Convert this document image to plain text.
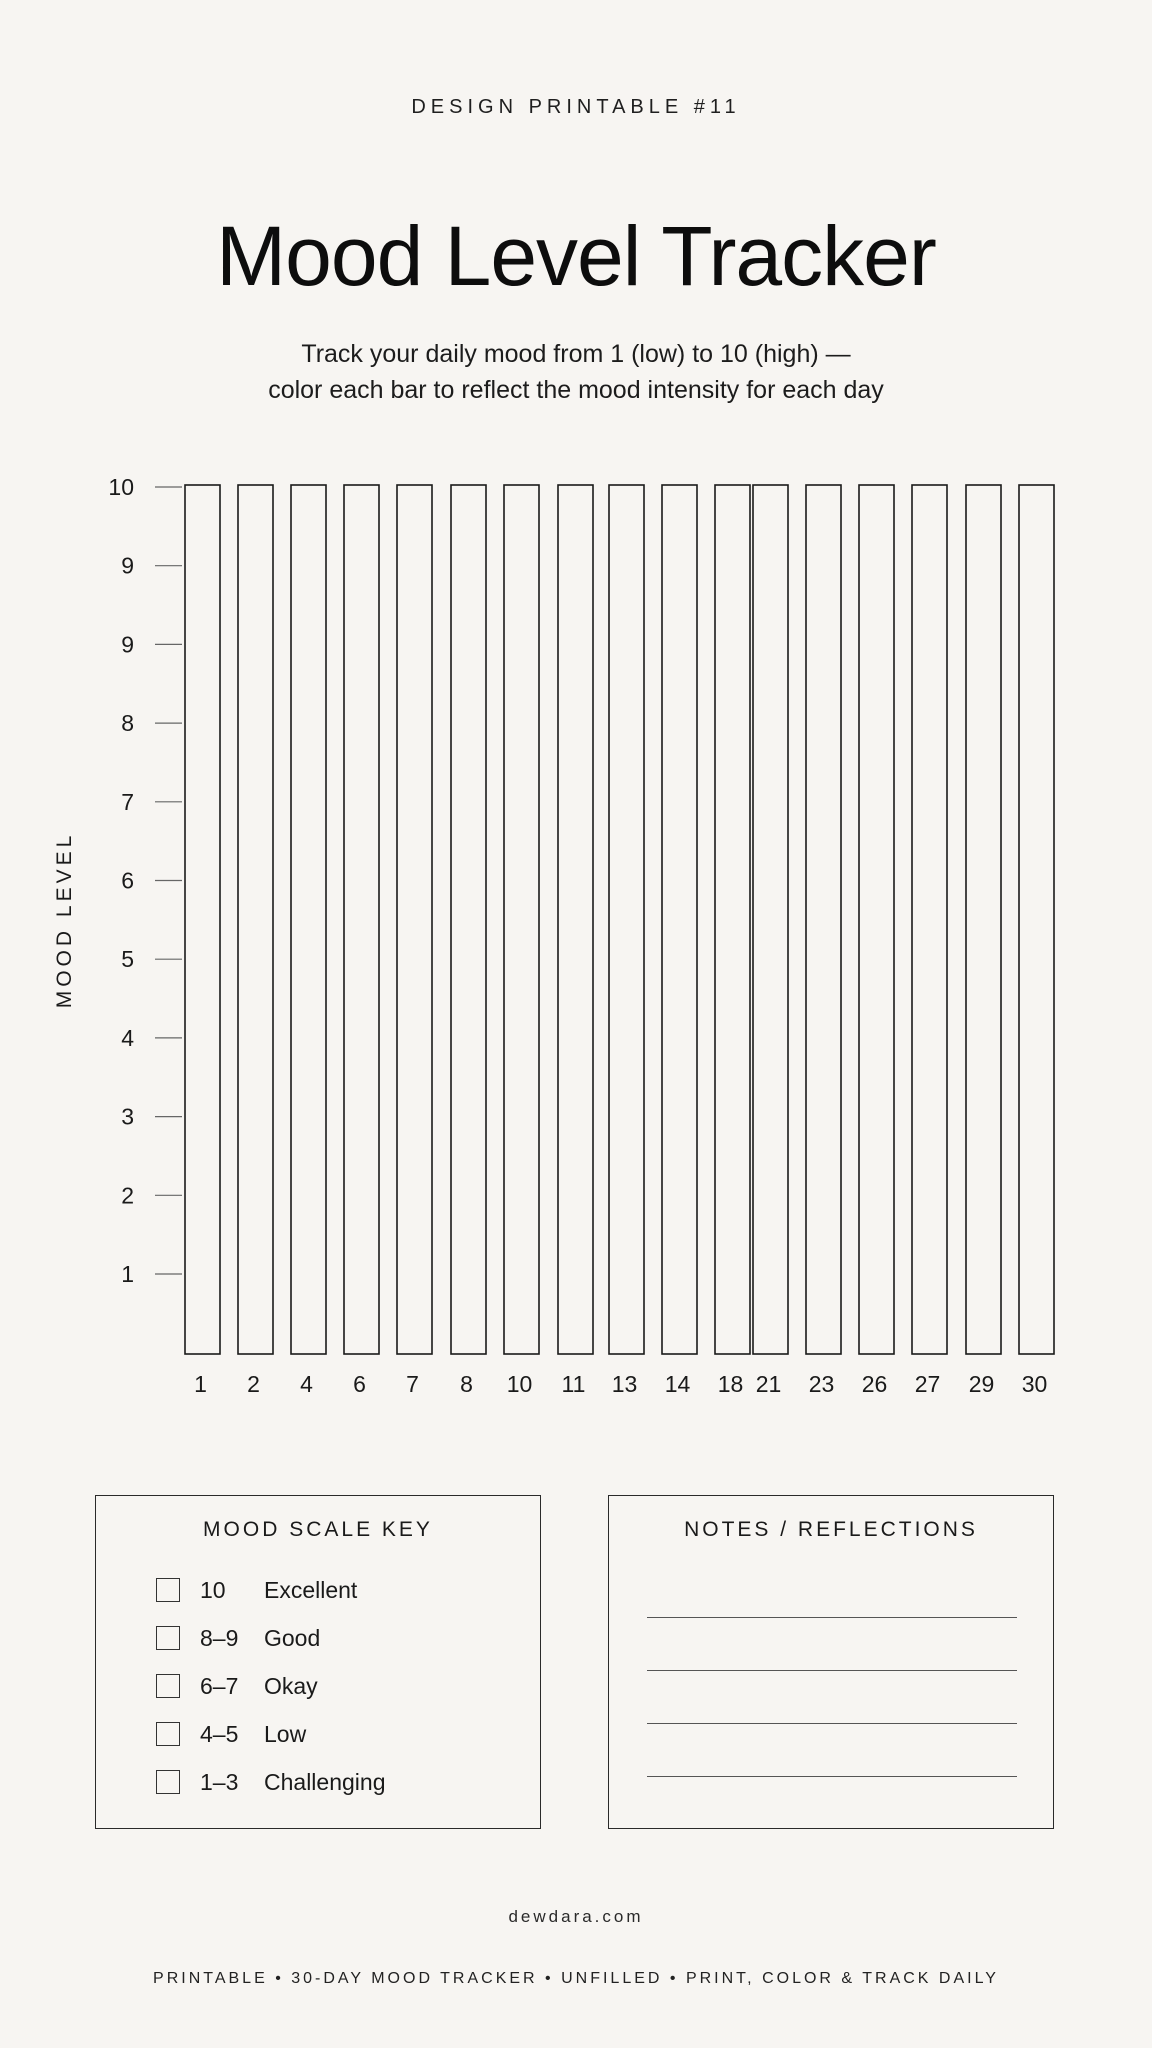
DESIGN PRINTABLE #11
Mood Level Tracker
Track your daily mood from 1 (low) to 10 (high) —
color each bar to reflect the mood intensity for each day
MOOD LEVEL
10
9
9
8
7
6
5
4
3
2
1
1 2 4 6 7 8 10 11 13 14 18 21 23 26 27 29 30
MOOD SCALE KEY
10	Excellent
8–9	Good
6–7	Okay
4–5	Low
1–3	Challenging
NOTES / REFLECTIONS
dewdara.com
PRINTABLE • 30-DAY MOOD TRACKER • UNFILLED • PRINT, COLOR & TRACK DAILY
